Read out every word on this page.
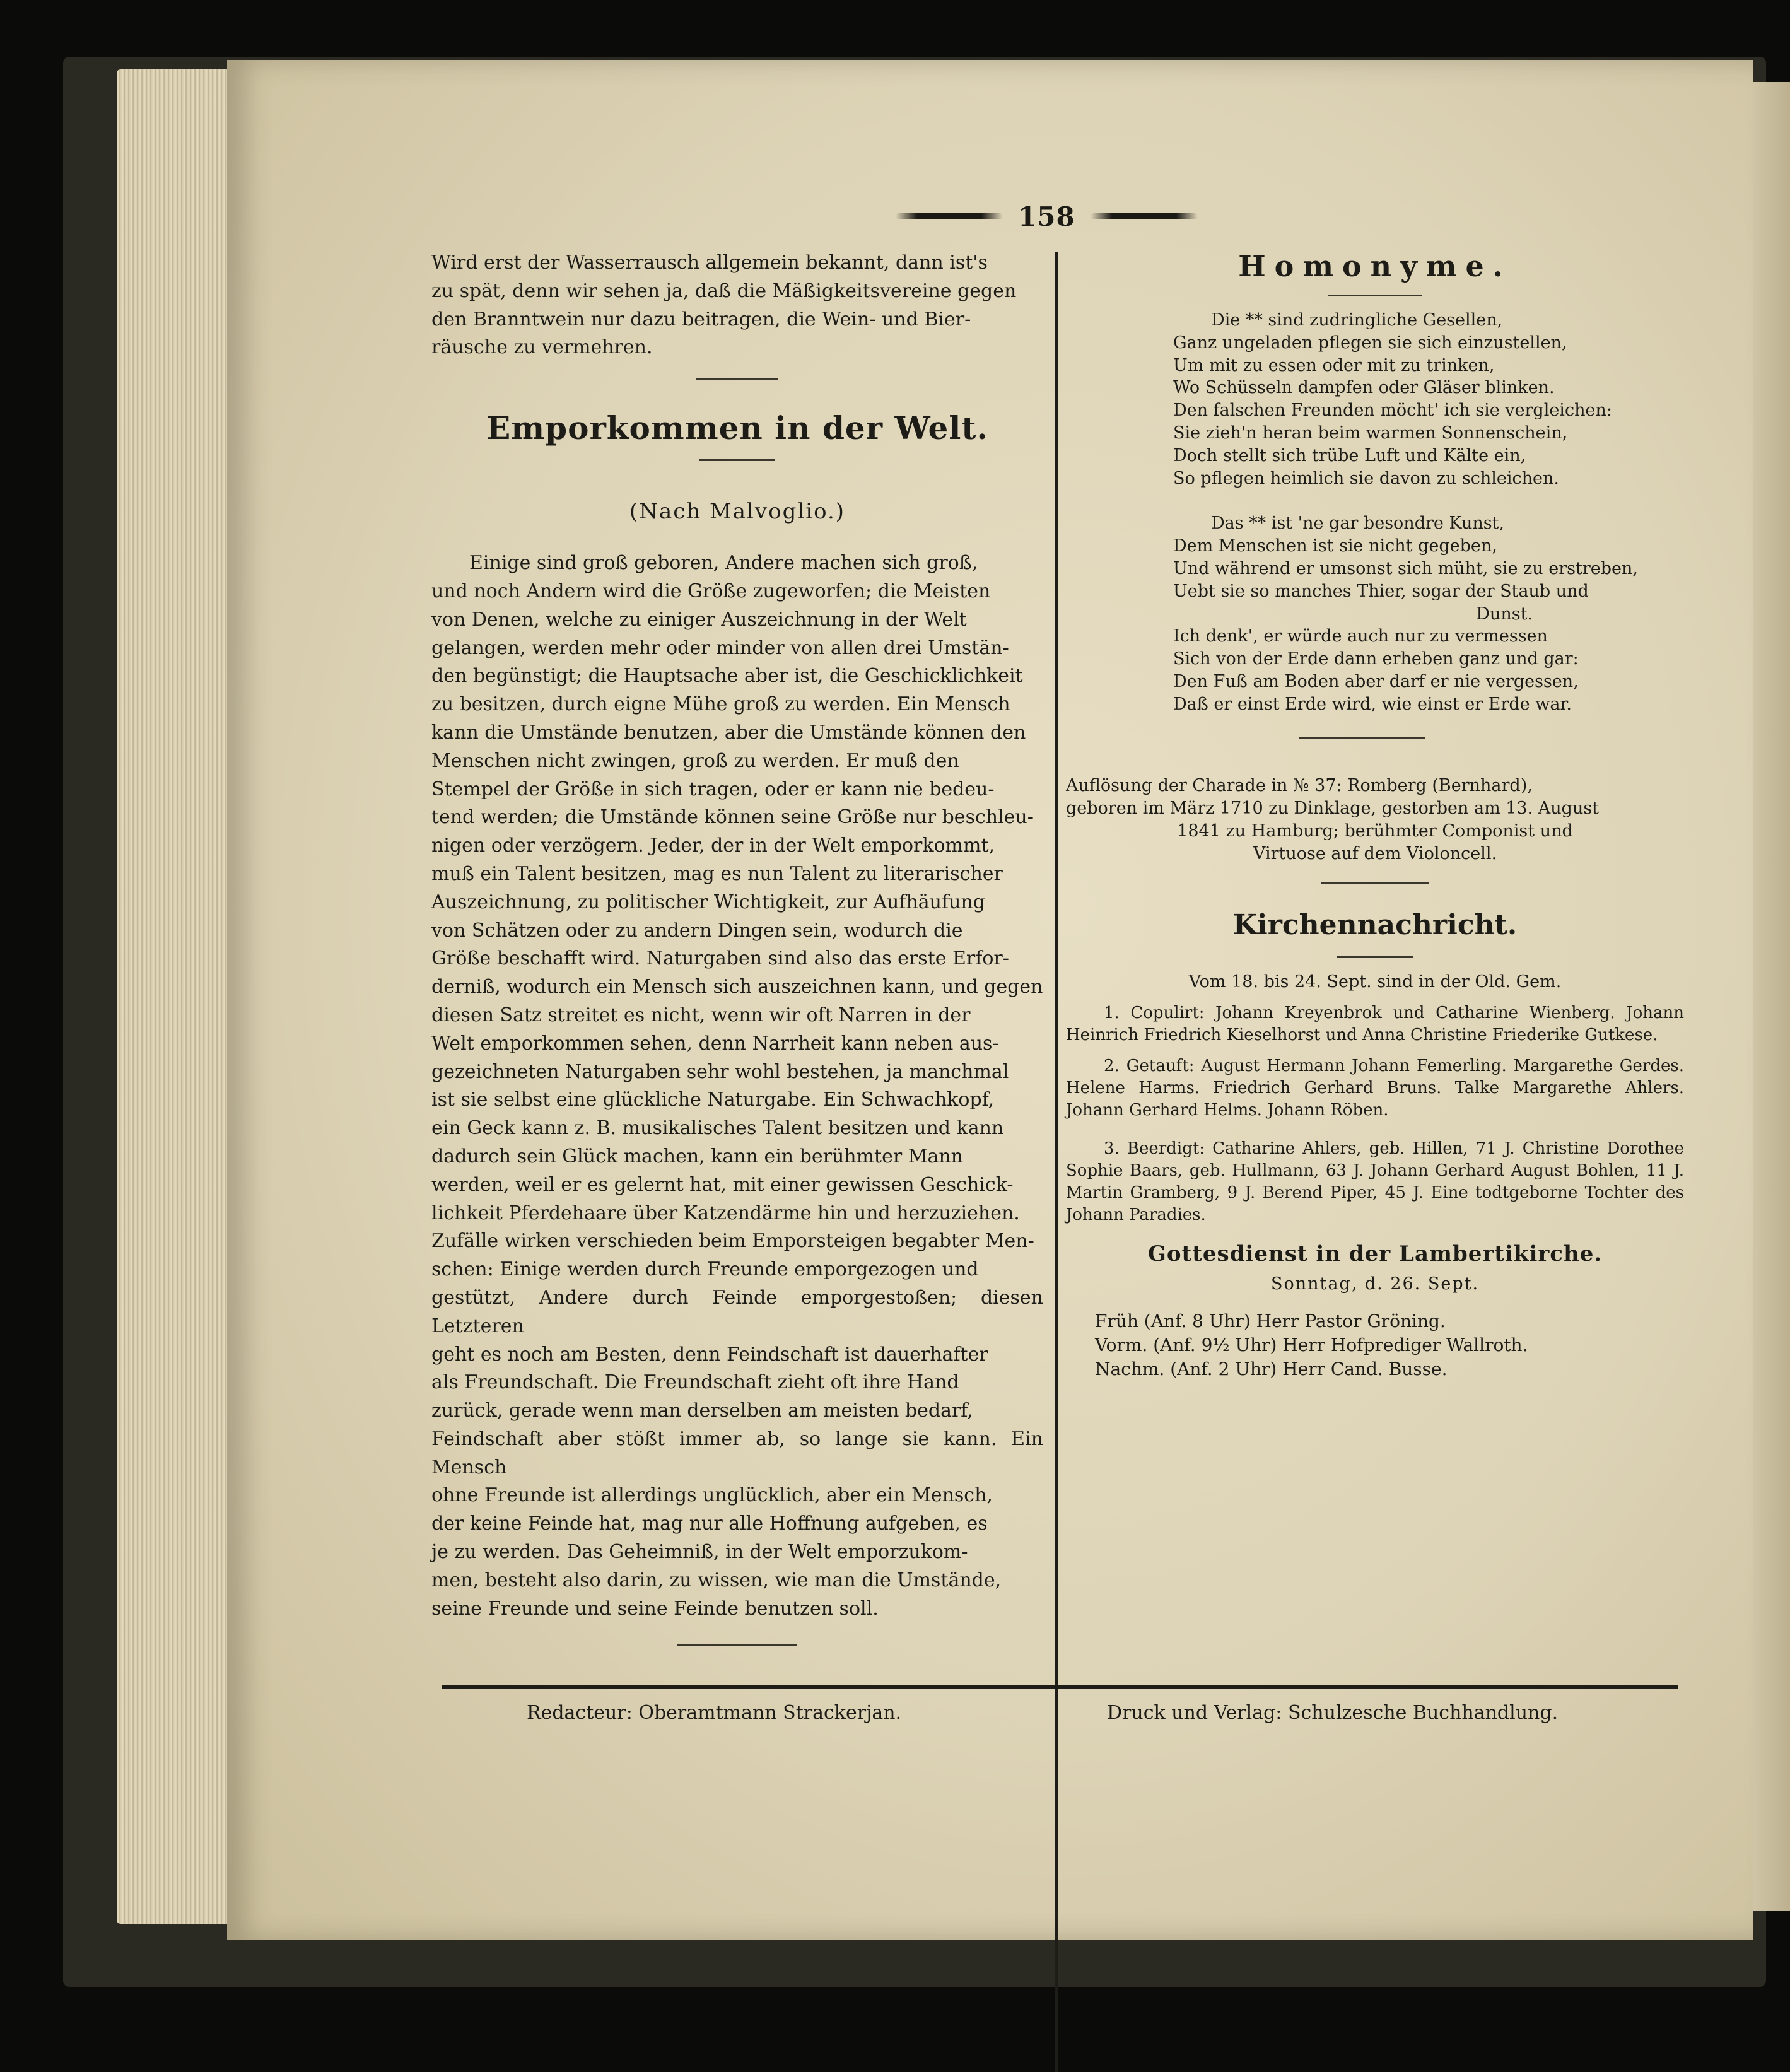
158

Wird erst der Wasserrausch allgemein bekannt, dann ist's

zu spät, denn wir sehen ja, daß die Mäßigkeitsvereine gegen

den Branntwein nur dazu beitragen, die Wein- und Bier-

räusche zu vermehren.

Emporkommen in der Welt.
(Nach Malvoglio.)

Einige sind groß geboren, Andere machen sich groß,

und noch Andern wird die Größe zugeworfen; die Meisten

von Denen, welche zu einiger Auszeichnung in der Welt

gelangen, werden mehr oder minder von allen drei Umstän-

den begünstigt; die Hauptsache aber ist, die Geschicklichkeit

zu besitzen, durch eigne Mühe groß zu werden. Ein Mensch

kann die Umstände benutzen, aber die Umstände können den

Menschen nicht zwingen, groß zu werden. Er muß den

Stempel der Größe in sich tragen, oder er kann nie bedeu-

tend werden; die Umstände können seine Größe nur beschleu-

nigen oder verzögern. Jeder, der in der Welt emporkommt,

muß ein Talent besitzen, mag es nun Talent zu literarischer

Auszeichnung, zu politischer Wichtigkeit, zur Aufhäufung

von Schätzen oder zu andern Dingen sein, wodurch die

Größe beschafft wird. Naturgaben sind also das erste Erfor-

derniß, wodurch ein Mensch sich auszeichnen kann, und gegen

diesen Satz streitet es nicht, wenn wir oft Narren in der

Welt emporkommen sehen, denn Narrheit kann neben aus-

gezeichneten Naturgaben sehr wohl bestehen, ja manchmal

ist sie selbst eine glückliche Naturgabe. Ein Schwachkopf,

ein Geck kann z. B. musikalisches Talent besitzen und kann

dadurch sein Glück machen, kann ein berühmter Mann

werden, weil er es gelernt hat, mit einer gewissen Geschick-

lichkeit Pferdehaare über Katzendärme hin und herzuziehen.

Zufälle wirken verschieden beim Emporsteigen begabter Men-

schen: Einige werden durch Freunde emporgezogen und

gestützt, Andere durch Feinde emporgestoßen; diesen Letzteren

geht es noch am Besten, denn Feindschaft ist dauerhafter

als Freundschaft. Die Freundschaft zieht oft ihre Hand

zurück, gerade wenn man derselben am meisten bedarf,

Feindschaft aber stößt immer ab, so lange sie kann. Ein Mensch

ohne Freunde ist allerdings unglücklich, aber ein Mensch,

der keine Feinde hat, mag nur alle Hoffnung aufgeben, es

je zu werden. Das Geheimniß, in der Welt emporzukom-

men, besteht also darin, zu wissen, wie man die Umstände,

seine Freunde und seine Feinde benutzen soll.

Homonyme.
Die ** sind zudringliche Gesellen,
Ganz ungeladen pflegen sie sich einzustellen,
Um mit zu essen oder mit zu trinken,
Wo Schüsseln dampfen oder Gläser blinken.
Den falschen Freunden möcht' ich sie vergleichen:
Sie zieh'n heran beim warmen Sonnenschein,
Doch stellt sich trübe Luft und Kälte ein,
So pflegen heimlich sie davon zu schleichen.
Das ** ist 'ne gar besondre Kunst,
Dem Menschen ist sie nicht gegeben,
Und während er umsonst sich müht, sie zu erstreben,
Uebt sie so manches Thier, sogar der Staub und
Dunst.
Ich denk', er würde auch nur zu vermessen
Sich von der Erde dann erheben ganz und gar:
Den Fuß am Boden aber darf er nie vergessen,
Daß er einst Erde wird, wie einst er Erde war.
Auflösung der Charade in № 37: Romberg (Bernhard),
geboren im März 1710 zu Dinklage, gestorben am 13. August
1841 zu Hamburg; berühmter Componist und
Virtuose auf dem Violoncell.
Kirchennachricht.
Vom 18. bis 24. Sept. sind in der Old. Gem.
1. Copulirt: Johann Kreyenbrok und Catharine Wienberg. Johann Heinrich Friedrich Kieselhorst und Anna Christine Friederike Gutkese.
2. Getauft: August Hermann Johann Femerling. Margarethe Gerdes. Helene Harms. Friedrich Gerhard Bruns. Talke Margarethe Ahlers. Johann Gerhard Helms. Johann Röben.
3. Beerdigt: Catharine Ahlers, geb. Hillen, 71 J. Christine Dorothee Sophie Baars, geb. Hullmann, 63 J. Johann Gerhard August Bohlen, 11 J. Martin Gramberg, 9 J. Berend Piper, 45 J. Eine todtgeborne Tochter des Johann Paradies.
Gottesdienst in der Lambertikirche.
Sonntag, d. 26. Sept.
Früh (Anf. 8 Uhr) Herr Pastor Gröning.
Vorm. (Anf. 9½ Uhr) Herr Hofprediger Wallroth.
Nachm. (Anf. 2 Uhr) Herr Cand. Busse.
Redacteur: Oberamtmann Strackerjan.	Druck und Verlag: Schulzesche Buchhandlung.
